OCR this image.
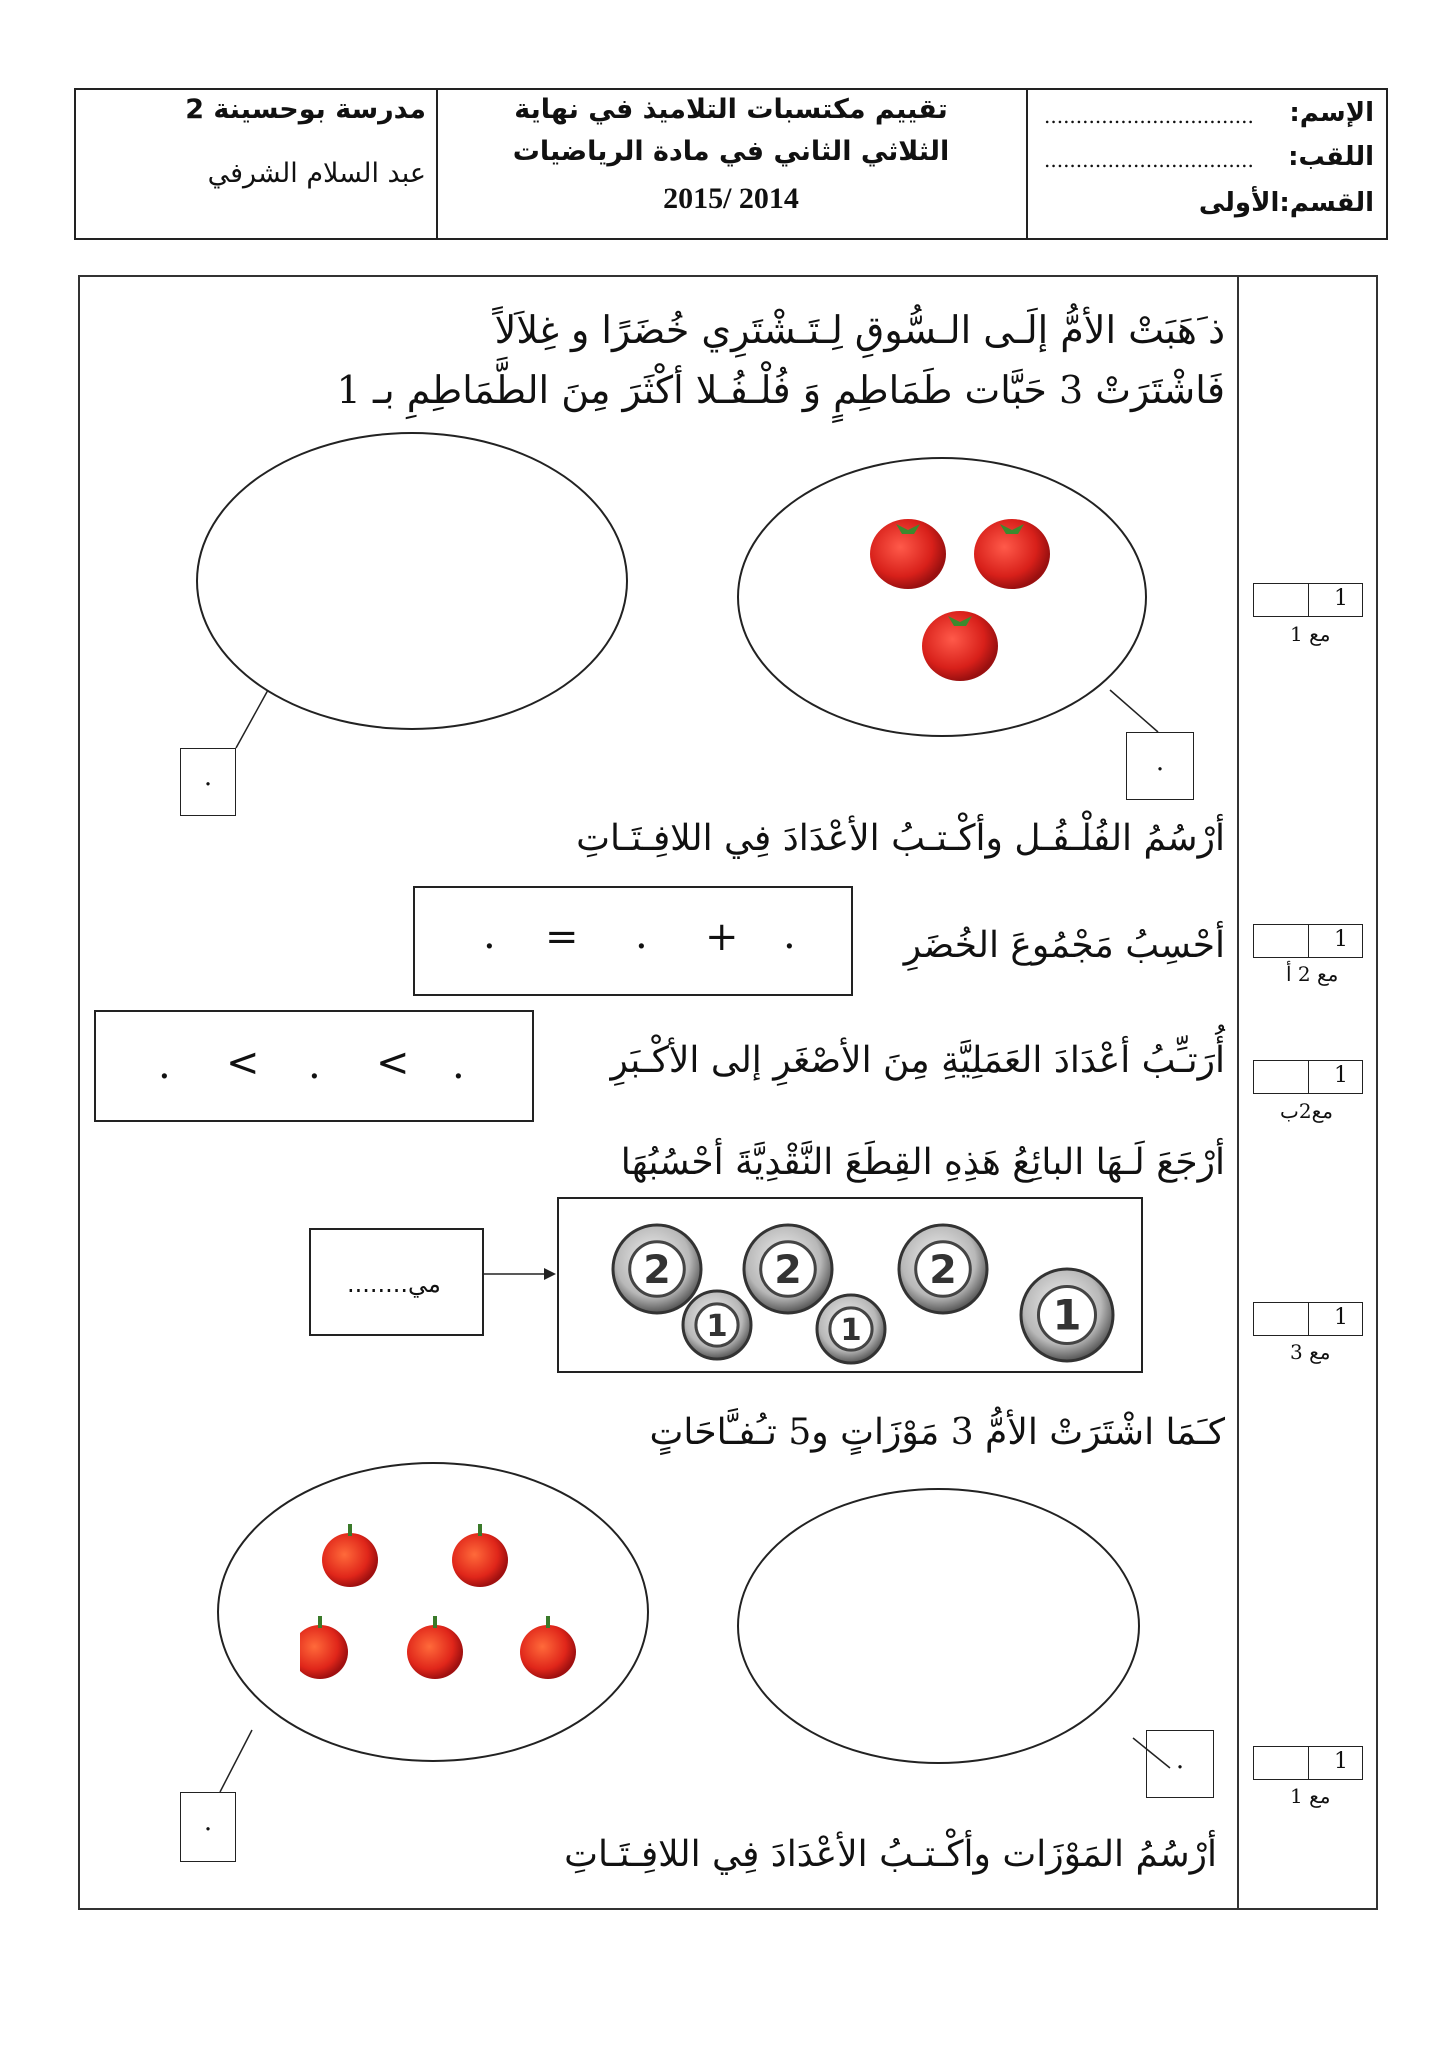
مدرسة بوحسينة 2
عبد السلام الشرفي
تقييم مكتسبات التلاميذ في نهاية
الثلاثي الثاني في مادة الرياضيات
2015/ 2014
الإسم:
.................................
اللقب:
.................................
القسم:الأولى
ذ َهَبَتْ الأمُّ إلَـى الـسُّوقِ لِـتَـشْتَرِي خُضَرًا و غِلاَلاً
فَاشْتَرَتْ 3 حَبَّات طَمَاطِمٍ وَ فُلْـفُـلا أكْثَرَ مِنَ الطَّمَاطِمِ بـ 1
.	.
أرْسُمُ الفُلْـفُـل وأكْـتـبُ الأعْدَادَ فِي اللافِـتَـاتِ
أحْسِبُ مَجْمُوعَ الخُضَرِ
.
+
.
=
.
أُرَتـِّبُ أعْدَادَ العَمَلِيَّةِ مِنَ الأصْغَرِ إلى الأكْـبَرِ
.
<
.
<
.
أرْجَعَ لَـهَا البائِعُ هَذِهِ القِطَعَ النَّقْدِيَّةَ أحْسُبُهَا
........مي	2	2	2
1	1	1
كـَمَا اشْتَرَتْ الأمُّ 3 مَوْزَاتٍ و5 تـُفـَّاحَاتٍ
.
.
أرْسُمُ المَوْزَات وأكْـتـبُ الأعْدَادَ فِي اللافِـتَـاتِ
1
مع 1
1
مع 2 أ
1
مع2ب
1
مع 3
1
مع 1
